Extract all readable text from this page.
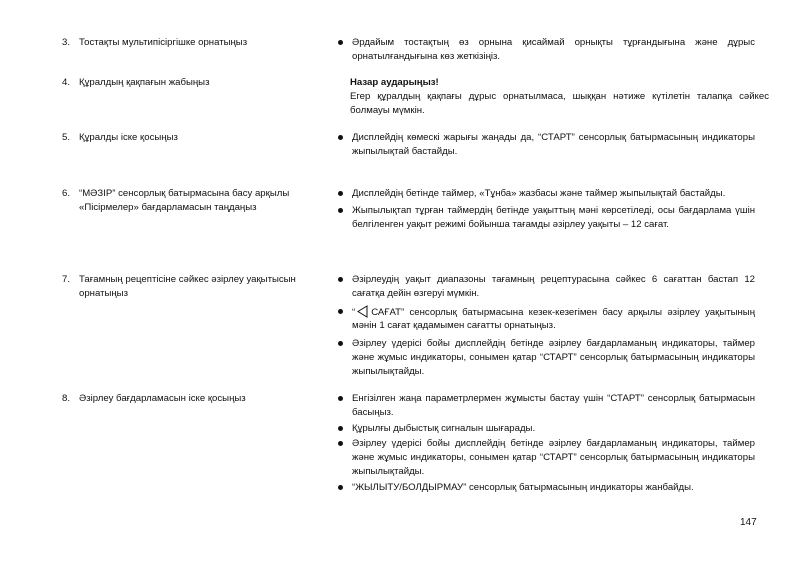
3. Тостақты мультипісіргішке орнатыңыз
4. Құралдың қақпағын жабыңыз
5. Құралды іске қосыңыз
6. “МӘЗІР” сенсорлық батырмасына басу арқылы «Пісірмелер» бағдарламасын таңдаңыз
7. Тағамның рецептісіне сәйкес әзірлеу уақытысын орнатыңыз
8. Әзірлеу бағдарламасын іске қосыңыз
Әрдайым тостақтың өз орнына қисаймай орнықты тұрғандығына және дұрыс орнатылғандығына көз жеткізіңіз.
Назар аударыңыз!
Егер құралдың қақпағы дұрыс орнатылмаса, шыққан нәтиже күтілетін талапқа сәйкес болмауы мүмкін.
Дисплейдің көмескі жарығы жаңады да, “СТАРТ” сенсорлық батырмасының индикаторы жыпылықтай бастайды.
Дисплейдің бетінде таймер, «Тұнба» жазбасы және таймер жыпылықтай бастайды.
Жыпылықтап тұрған таймердің бетінде уақыттың мәні көрсетіледі, осы бағдарлама үшін белгіленген уақыт режимі бойынша тағамды әзірлеу уақыты – 12 сағат.
Әзірлеудің уақыт диапазоны тағамның рецептурасына сәйкес 6 сағаттан бастап 12 сағатқа дейін өзгеруі мүмкін.
“ САҒАТ” сенсорлық батырмасына кезек-кезегімен басу арқылы әзірлеу уақытының мәнін 1 сағат қадамымен сағатты орнатыңыз.
Әзірлеу үдерісі бойы дисплейдің бетінде әзірлеу бағдарламаның индикаторы, таймер және жұмыс индикаторы, сонымен қатар “СТАРТ” сенсорлық батырмасының индикаторы жыпылықтайды.
Енгізілген жаңа параметрлермен жұмысты бастау үшін “СТАРТ” сенсорлық батырмасын басыңыз.
Құрылғы дыбыстық сигналын шығарады.
Әзірлеу үдерісі бойы дисплейдің бетінде әзірлеу бағдарламаның индикаторы, таймер және жұмыс индикаторы, сонымен қатар “СТАРТ” сенсорлық батырмасының индикаторы жыпылықтайды.
“ЖЫЛЫТУ/БОЛДЫРМАУ” сенсорлық батырмасының индикаторы жанбайды.
147
